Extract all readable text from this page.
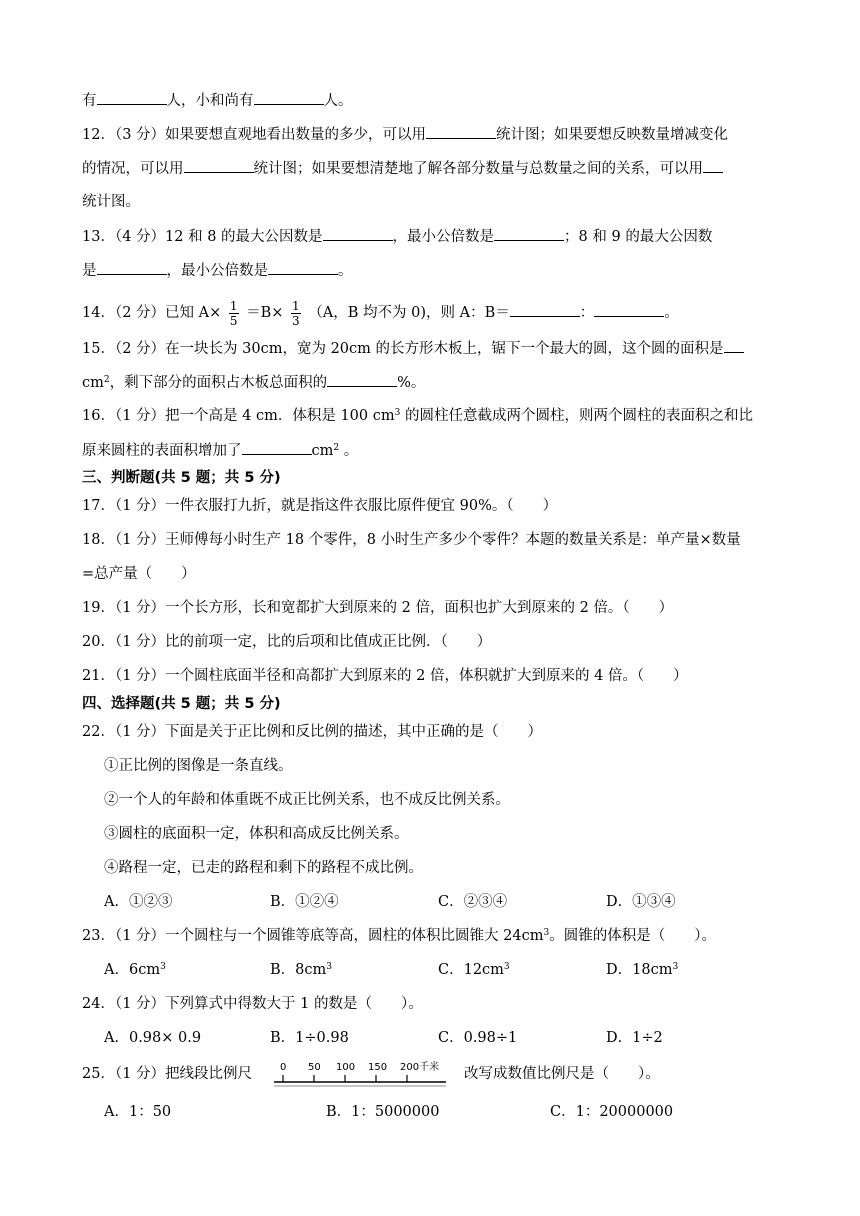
有	人，小和尚有	人。
12．（3 分）如果要想直观地看出数量的多少，可以用	统计图；如果要想反映数量增减变化
的情况，可以用	统计图；如果要想清楚地了解各部分数量与总数量之间的关系，可以用
统计图。
13．（4 分）12 和 8 的最大公因数是	，最小公倍数是	；8 和 9 的最大公因数
是	，最小公倍数是	。
14．（2 分）已知 $A\times \frac{1}{5} =B\times \frac{1}{3} (A$，B 均不为 0)，则 A：B＝	：	。
15．（2 分）在一块长为 30cm，宽为 20cm 的长方形木板上，锯下一个最大的圆，这个圆的面积是
$cm^2$，剩下部分的面积占木板总面积的	%。
16．（1 分）把一个高是 4 cm．体积是 100 $cm^3$ 的圆柱任意截成两个圆柱，则两个圆柱的表面积之和比
原来圆柱的表面积增加了	$cm^2$ 。
三、判断题(共 5 题；共 5 分)
17．（1 分）一件衣服打九折，就是指这件衣服比原件便宜 90%。（　　）
18．（1 分）王师傅每小时生产 18 个零件，8 小时生产多少个零件？本题的数量关系是：单产量×数量
=总产量（　　）
19．（1 分）一个长方形，长和宽都扩大到原来的 2 倍，面积也扩大到原来的 2 倍。（　　）
20．（1 分）比的前项一定，比的后项和比值成正比例．（　　）
21．（1 分）一个圆柱底面半径和高都扩大到原来的 2 倍，体积就扩大到原来的 4 倍。（　　）
四、选择题(共 5 题；共 5 分)
22．（1 分）下面是关于正比例和反比例的描述，其中正确的是（　　）
①正比例的图像是一条直线。
②一个人的年龄和体重既不成正比例关系，也不成反比例关系。
③圆柱的底面积一定，体积和高成反比例关系。
④路程一定，已走的路程和剩下的路程不成比例。
A．①②③	B．①②④	C．②③④	D．①③④
23．（1 分）一个圆柱与一个圆锥等底等高，圆柱的体积比圆锥大 $24cm^3$。圆锥的体积是（　　）。
A．$6cm^3$	B．$8cm^3$	C．$12cm^3$	D．$18cm^3$
24．（1 分）下列算式中得数大于 1 的数是（　　）。
A．0.98× 0.9	B．1÷0.98	C．0.98÷1	D．1÷2
25．（1 分）把线段比例尺	0 50 100 150 200千米 改写成数值比例尺是（　　）。
A．1：50	B．1：5000000	C．1：20000000
